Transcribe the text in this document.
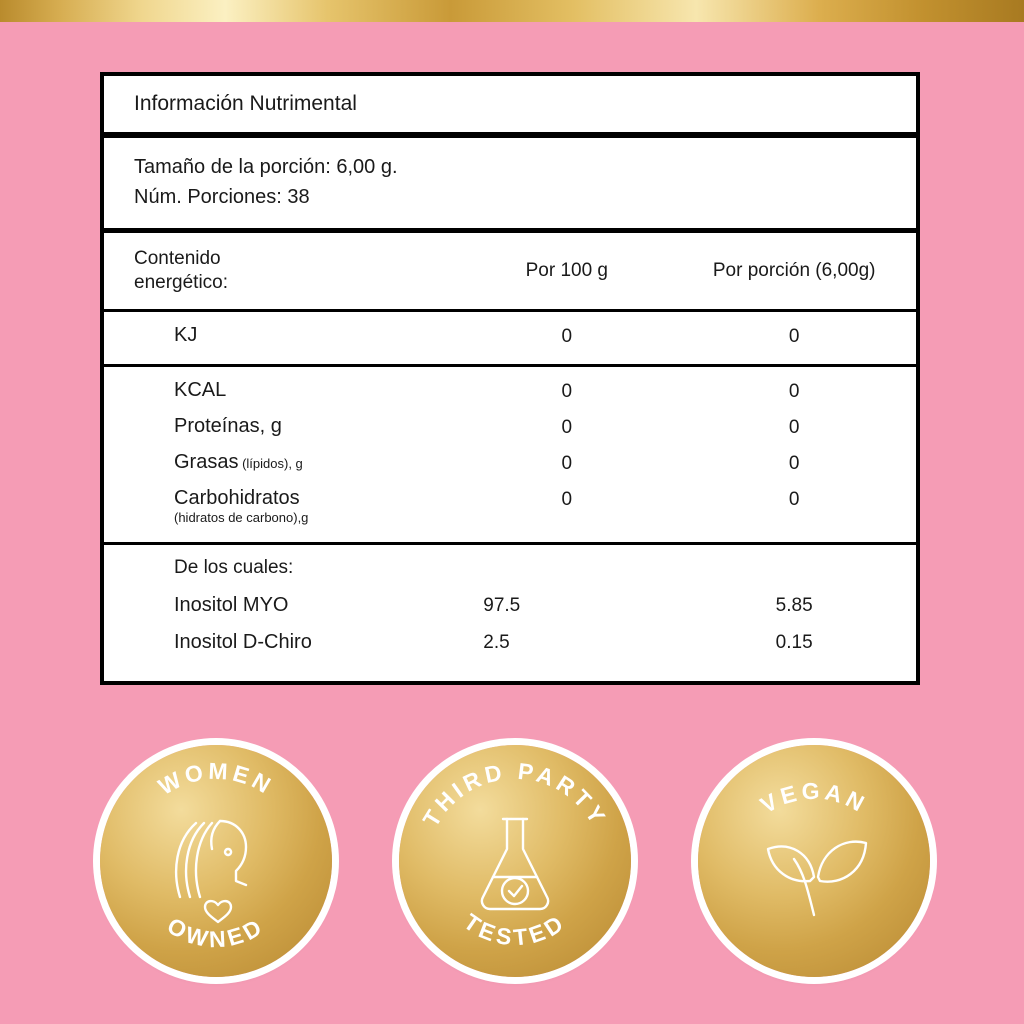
Información Nutrimental
Tamaño de la porción: 6,00 g.
Núm. Porciones: 38
Contenido
energético:
Por 100 g	Por porción (6,00g)
KJ	0	0
KCAL	0	0
Proteínas, g	0	0
Grasas (lípidos), g	0	0
Carbohidratos
(hidratos de carbono),g
0	0
De los cuales:
Inositol MYO	97.5	5.85
Inositol D-Chiro	2.5	0.15
WOMEN
OWNED
THIRD PARTY
TESTED
VEGAN
